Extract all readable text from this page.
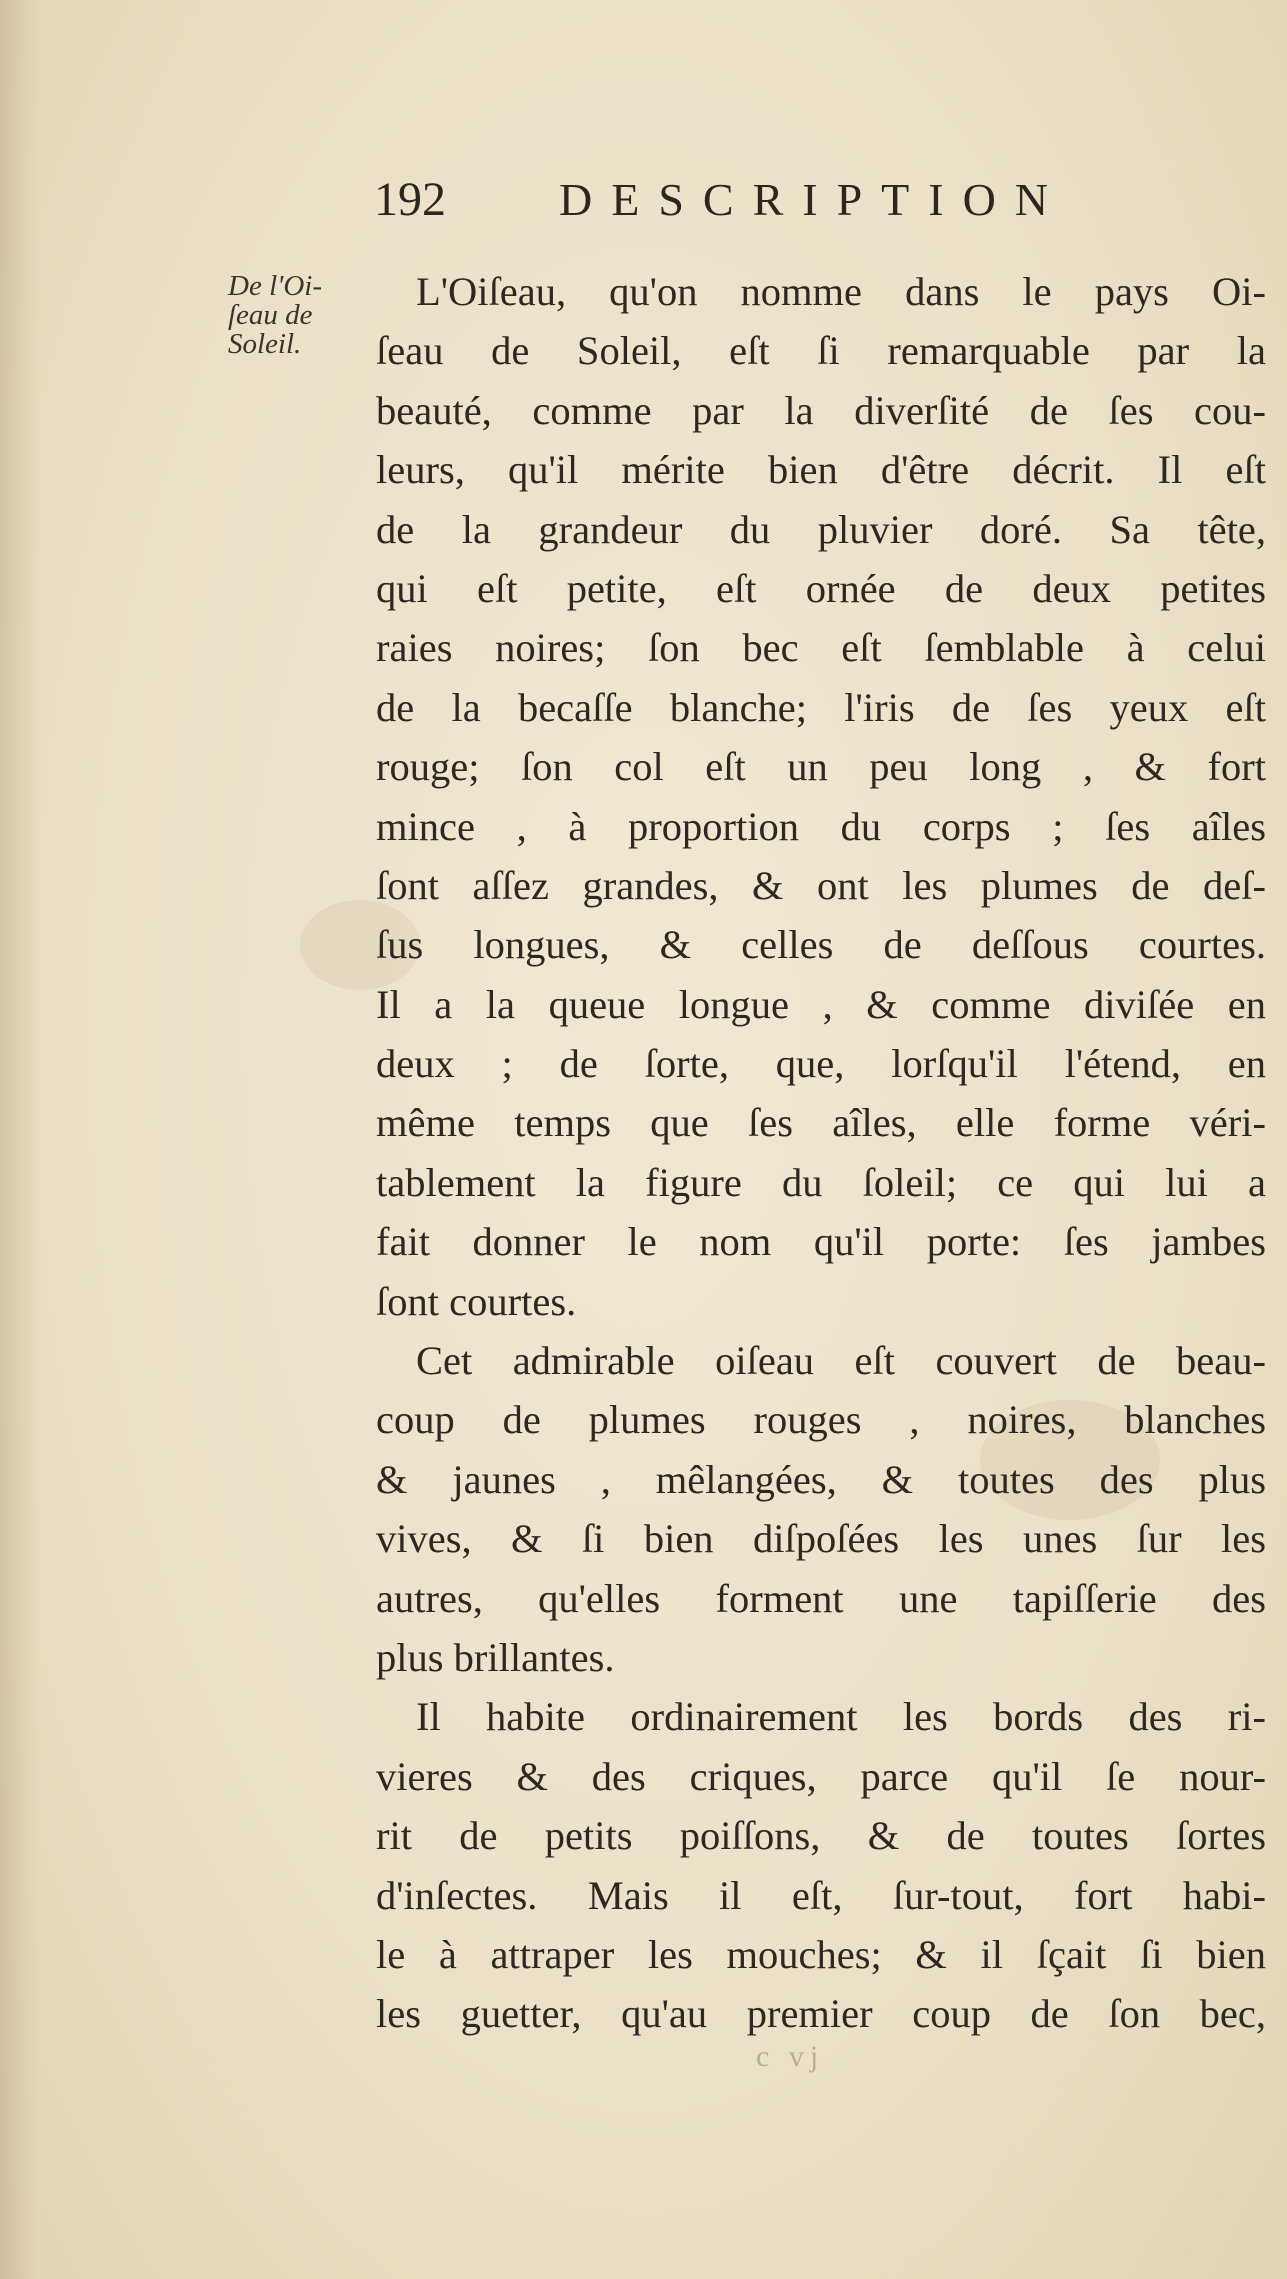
192 DESCRIPTION
De l'Oi-
ſeau de
Soleil.
L'Oiſeau, qu'on nomme dans le pays Oi-
ſeau de Soleil, eſt ſi remarquable par la
beauté, comme par la diverſité de ſes cou-
leurs, qu'il mérite bien d'être décrit. Il eſt
de la grandeur du pluvier doré. Sa tête,
qui eſt petite, eſt ornée de deux petites
raies noires; ſon bec eſt ſemblable à celui
de la becaſſe blanche; l'iris de ſes yeux eſt
rouge; ſon col eſt un peu long , & fort
mince , à proportion du corps ; ſes aîles
ſont aſſez grandes, & ont les plumes de deſ-
ſus longues, & celles de deſſous courtes.
Il a la queue longue , & comme diviſée en
deux ; de ſorte, que, lorſqu'il l'étend, en
même temps que ſes aîles, elle forme véri-
tablement la figure du ſoleil; ce qui lui a
fait donner le nom qu'il porte: ſes jambes
ſont courtes.
Cet admirable oiſeau eſt couvert de beau-
coup de plumes rouges , noires, blanches
& jaunes , mêlangées, & toutes des plus
vives, & ſi bien diſpoſées les unes ſur les
autres, qu'elles forment une tapiſſerie des
plus brillantes.
Il habite ordinairement les bords des ri-
vieres & des criques, parce qu'il ſe nour-
rit de petits poiſſons, & de toutes ſortes
d'inſectes. Mais il eſt, ſur-tout, fort habi-
le à attraper les mouches; & il ſçait ſi bien
les guetter, qu'au premier coup de ſon bec,
c vj
